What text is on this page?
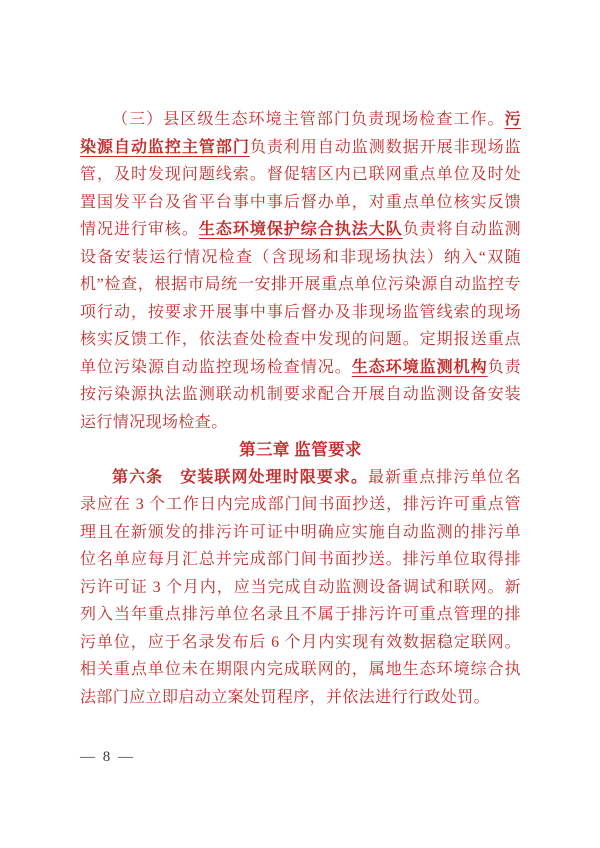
（三）县区级生态环境主管部门负责现场检查工作。污染源自动监控主管部门负责利用自动监测数据开展非现场监管，及时发现问题线索。督促辖区内已联网重点单位及时处置国发平台及省平台事中事后督办单，对重点单位核实反馈情况进行审核。生态环境保护综合执法大队负责将自动监测设备安装运行情况检查（含现场和非现场执法）纳入“双随机”检查，根据市局统一安排开展重点单位污染源自动监控专项行动，按要求开展事中事后督办及非现场监管线索的现场核实反馈工作，依法查处检查中发现的问题。定期报送重点单位污染源自动监控现场检查情况。生态环境监测机构负责按污染源执法监测联动机制要求配合开展自动监测设备安装运行情况现场检查。

第三章 监管要求

第六条　安装联网处理时限要求。最新重点排污单位名录应在 3 个工作日内完成部门间书面抄送，排污许可重点管理且在新颁发的排污许可证中明确应实施自动监测的排污单位名单应每月汇总并完成部门间书面抄送。排污单位取得排污许可证 3 个月内，应当完成自动监测设备调试和联网。新列入当年重点排污单位名录且不属于排污许可重点管理的排污单位，应于名录发布后 6 个月内实现有效数据稳定联网。相关重点单位未在期限内完成联网的，属地生态环境综合执法部门应立即启动立案处罚程序，并依法进行行政处罚。

— 8 —
